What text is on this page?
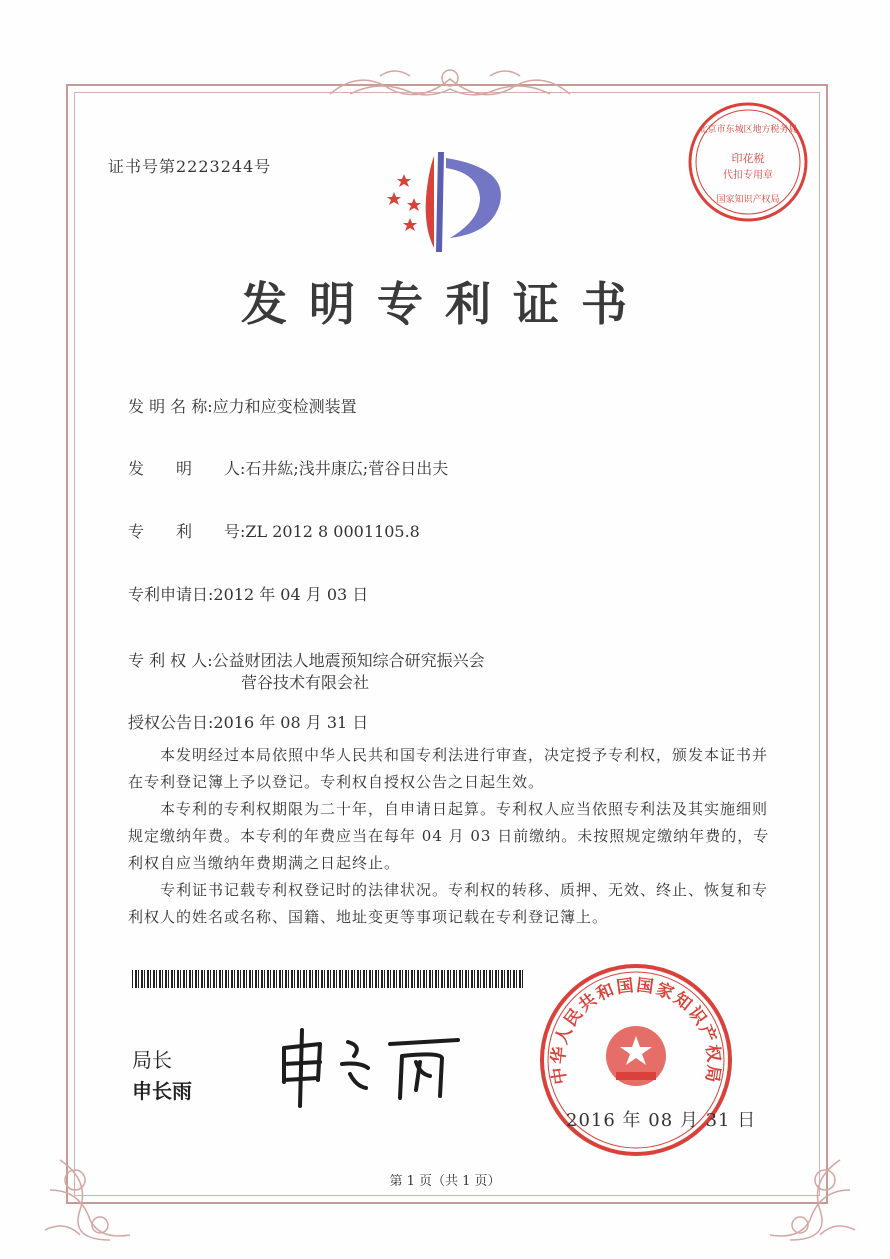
证书号第2223244号
北京市东城区地方税务局
印花税
代扣专用章
国家知识产权局
发明专利证书
发 明 名 称:应力和应变检测装置
发　　明　　人:石井紘;浅井康広;菅谷日出夫
专　　利　　号:ZL 2012 8 0001105.8
专利申请日:2012 年 04 月 03 日
专 利 权 人:公益财团法人地震预知综合研究振兴会
菅谷技术有限会社
授权公告日:2016 年 08 月 31 日
本发明经过本局依照中华人民共和国专利法进行审查，决定授予专利权，颁发本证书并在专利登记簿上予以登记。专利权自授权公告之日起生效。
本专利的专利权期限为二十年，自申请日起算。专利权人应当依照专利法及其实施细则规定缴纳年费。本专利的年费应当在每年 04 月 03 日前缴纳。未按照规定缴纳年费的，专利权自应当缴纳年费期满之日起终止。
专利证书记载专利权登记时的法律状况。专利权的转移、质押、无效、终止、恢复和专利权人的姓名或名称、国籍、地址变更等事项记载在专利登记簿上。
局长
申长雨
中华人民共和国国家知识产权局
2016 年 08 月 31 日
第 1 页（共 1 页）
